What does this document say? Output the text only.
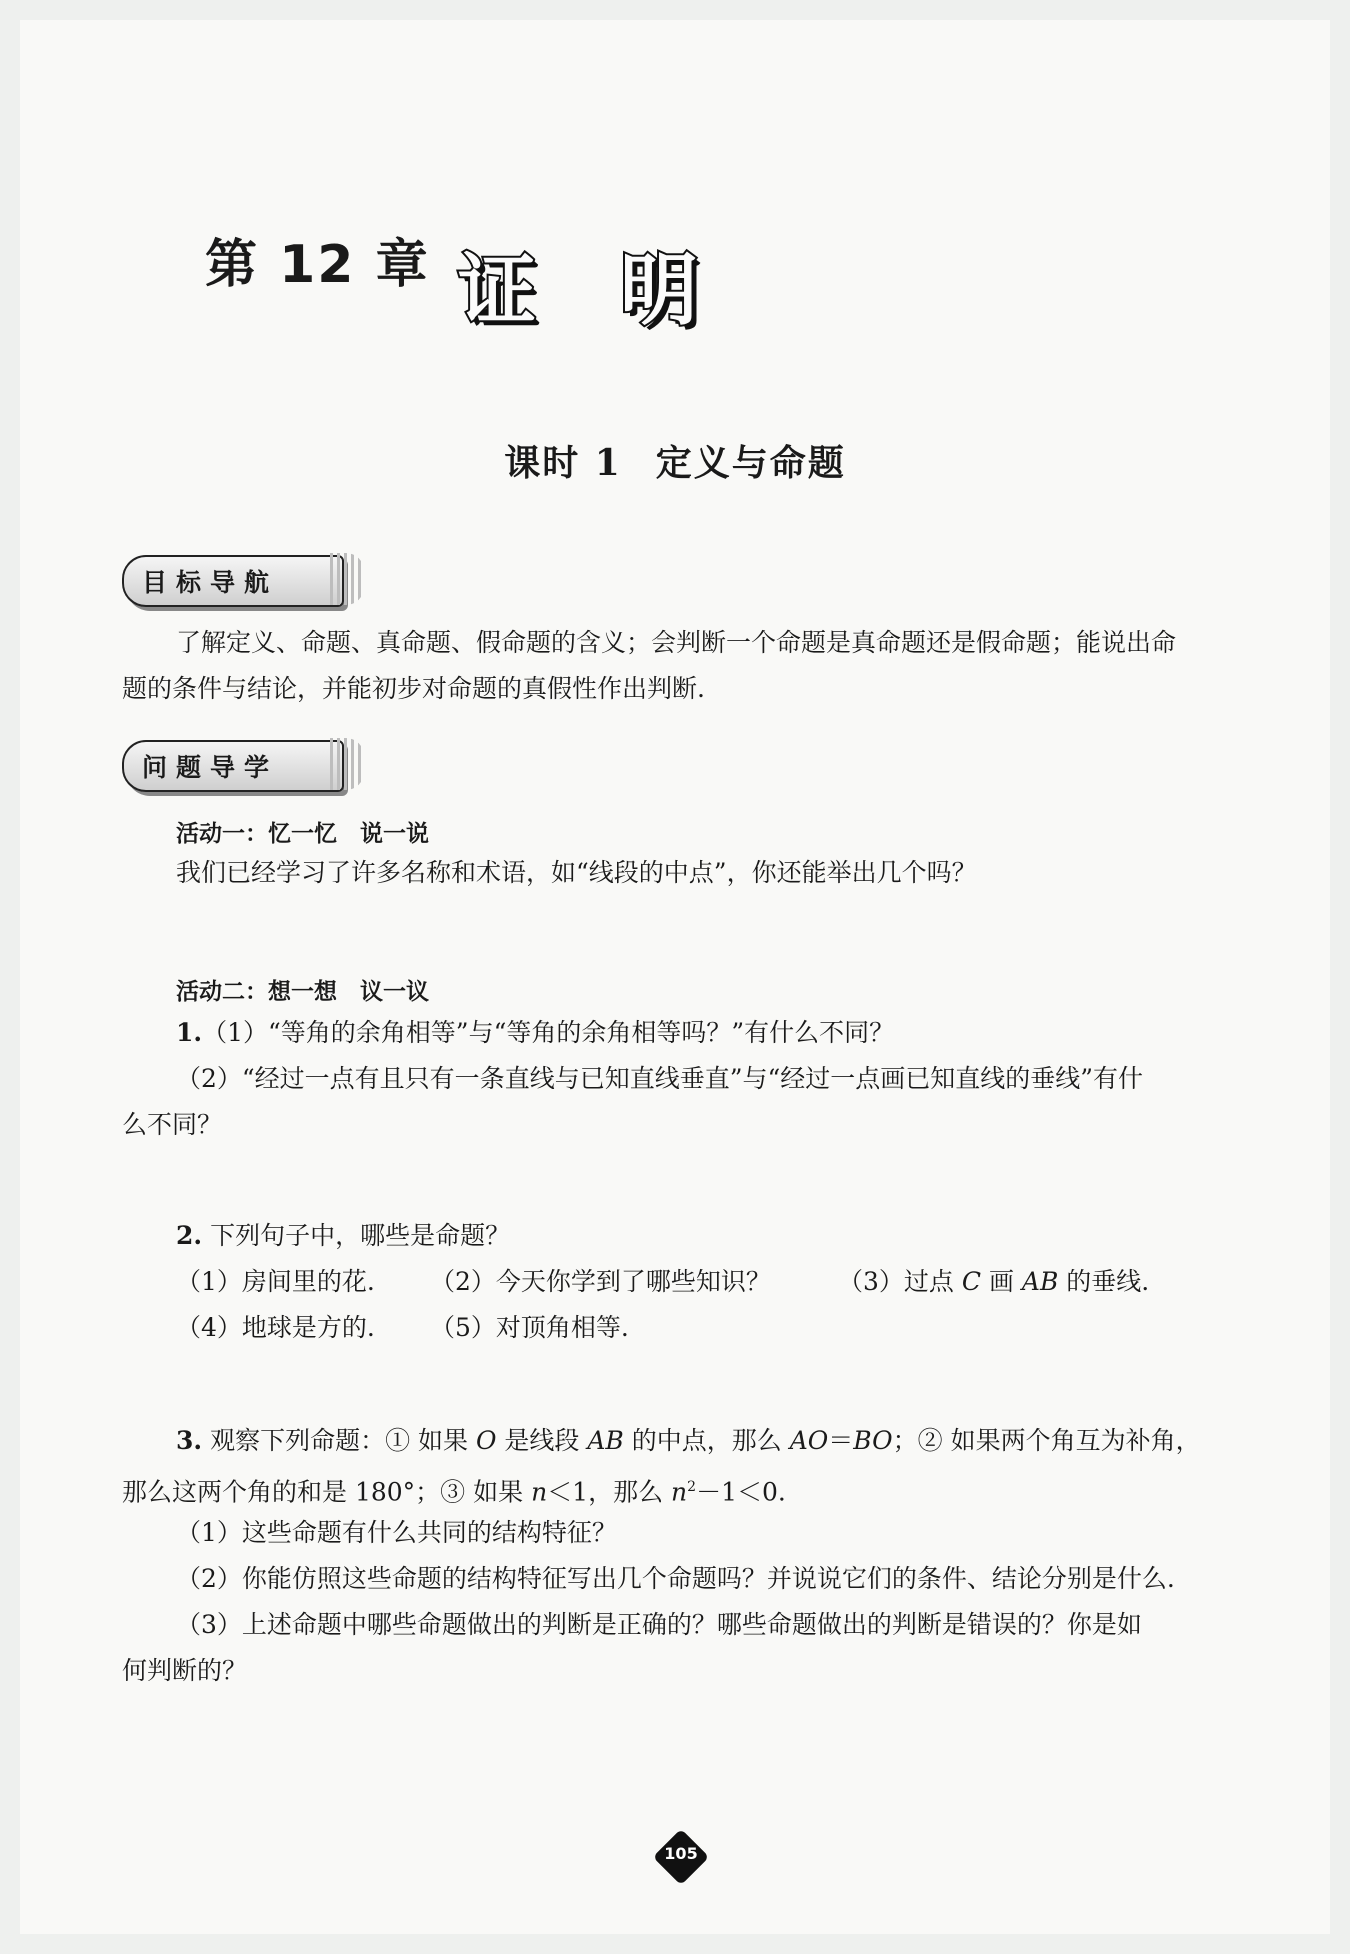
第 12 章 证 明
课时 1 定义与命题
目标导航
了解定义、命题、真命题、假命题的含义；会判断一个命题是真命题还是假命题；能说出命
题的条件与结论，并能初步对命题的真假性作出判断.
问题导学
活动一：忆一忆　说一说
我们已经学习了许多名称和术语，如“线段的中点”，你还能举出几个吗？
活动二：想一想　议一议
1.（1）“等角的余角相等”与“等角的余角相等吗？”有什么不同？
（2）“经过一点有且只有一条直线与已知直线垂直”与“经过一点画已知直线的垂线”有什
么不同？
2. 下列句子中，哪些是命题？
（1）房间里的花. （2）今天你学到了哪些知识？	（3）过点 C 画 AB 的垂线.
（4）地球是方的. （5）对顶角相等.
3. 观察下列命题：① 如果 O 是线段 AB 的中点，那么 AO＝BO；② 如果两个角互为补角，
那么这两个角的和是 180°；③ 如果 n＜1，那么 $n^2-1<0$.
（1）这些命题有什么共同的结构特征？
（2）你能仿照这些命题的结构特征写出几个命题吗？并说说它们的条件、结论分别是什么.
（3）上述命题中哪些命题做出的判断是正确的？哪些命题做出的判断是错误的？你是如
何判断的？
105
